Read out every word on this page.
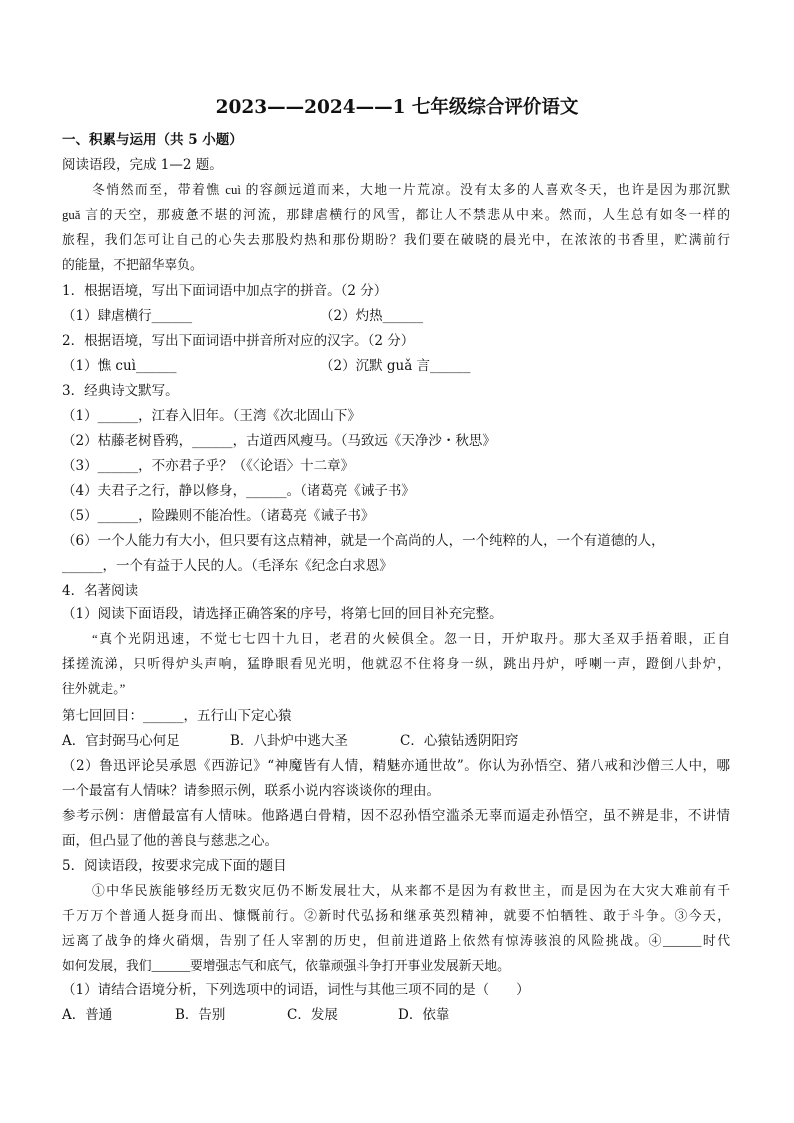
2023——2024——1 七年级综合评价语文
一、积累与运用（共 5 小题）
阅读语段，完成 1—2 题。
冬悄然而至，带着憔 cuì 的容颜远道而来，大地一片荒凉。没有太多的人喜欢冬天，也许是因为那沉默
guǎ 言的天空，那疲惫不堪的河流，那肆虐横行的风雪，都让人不禁悲从中来。然而，人生总有如冬一样的
旅程，我们怎可让自己的心失去那股灼热和那份期盼？我们要在破晓的晨光中，在浓浓的书香里，贮满前行
的能量，不把韶华辜负。
1．根据语境，写出下面词语中加点字的拼音。（2 分）
（1）肆虐横行______	（2）灼热______
2．根据语境，写出下面词语中拼音所对应的汉字。（2 分）
（1）憔 cuì______	（2）沉默 guǎ 言______
3．经典诗文默写。
（1）______，江春入旧年。（王湾《次北固山下》
（2）枯藤老树昏鸦，______，古道西风瘦马。（马致远《天净沙・秋思》
（3）______，不亦君子乎？（《〈论语〉十二章》
（4）夫君子之行，静以修身，______。（诸葛亮《诫子书》
（5）______，险躁则不能冶性。（诸葛亮《诫子书》
（6）一个人能力有大小，但只要有这点精神，就是一个高尚的人，一个纯粹的人，一个有道德的人，
______，一个有益于人民的人。（毛泽东《纪念白求恩》
4．名著阅读
（1）阅读下面语段，请选择正确答案的序号，将第七回的回目补充完整。
“真个光阴迅速，不觉七七四十九日，老君的火候俱全。忽一日，开炉取丹。那大圣双手捂着眼，正自
揉搓流涕，只听得炉头声响，猛睁眼看见光明，他就忍不住将身一纵，跳出丹炉，呼喇一声，蹬倒八卦炉，
往外就走。”
第七回回目：______，五行山下定心猿
A．官封弼马心何足	B．八卦炉中逃大圣	C．心猿钻透阴阳窍
（2）鲁迅评论吴承恩《西游记》“神魔皆有人情，精魅亦通世故”。你认为孙悟空、猪八戒和沙僧三人中，哪
一个最富有人情味？请参照示例，联系小说内容谈谈你的理由。
参考示例：唐僧最富有人情味。他路遇白骨精，因不忍孙悟空滥杀无辜而逼走孙悟空，虽不辨是非，不讲情
面，但凸显了他的善良与慈悲之心。
5．阅读语段，按要求完成下面的题目
①中华民族能够经历无数灾厄仍不断发展壮大，从来都不是因为有救世主，而是因为在大灾大难前有千
千万万个普通人挺身而出、慷慨前行。②新时代弘扬和继承英烈精神，就要不怕牺牲、敢于斗争。③今天，
远离了战争的烽火硝烟，告别了任人宰割的历史，但前进道路上依然有惊涛骇浪的风险挑战。④______时代
如何发展，我们______要增强志气和底气，依靠顽强斗争打开事业发展新天地。
（1）请结合语境分析，下列选项中的词语，词性与其他三项不同的是（　　）
A．普通	B．告别	C．发展	D．依靠
